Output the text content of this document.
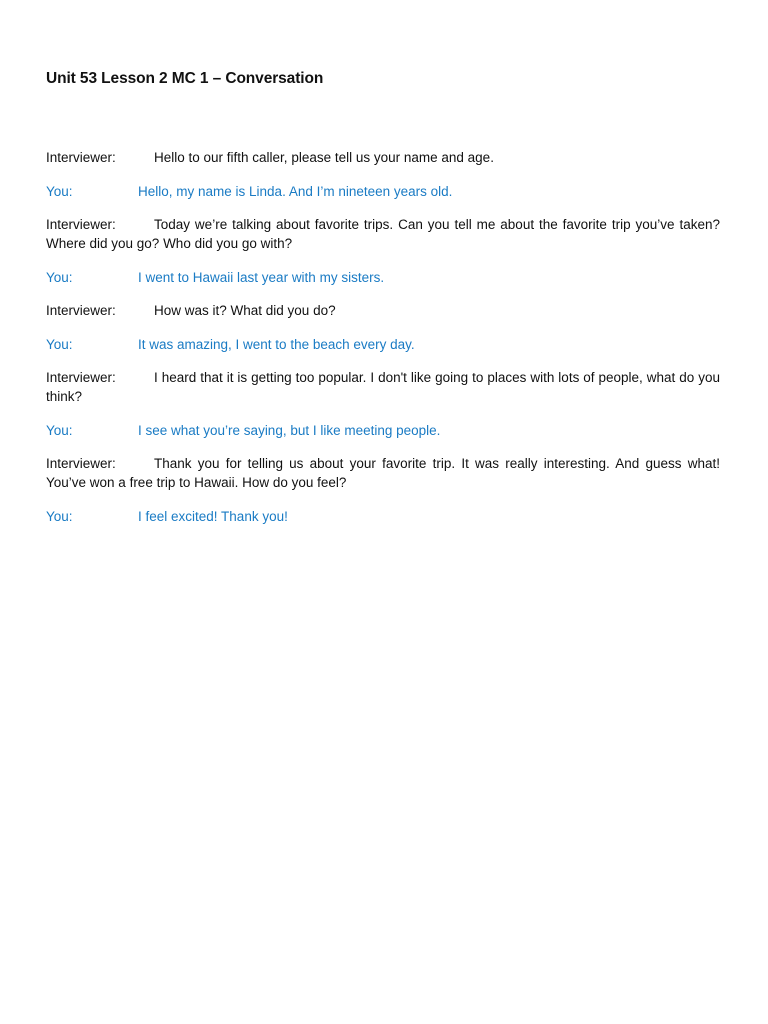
Unit 53 Lesson 2 MC 1 – Conversation

Interviewer:	Hello to our fifth caller, please tell us your name and age.

You:	Hello, my name is Linda. And I’m nineteen years old.

Interviewer:	Today we’re talking about favorite trips. Can you tell me about the favorite trip you’ve taken? Where did you go? Who did you go with?

You:	I went to Hawaii last year with my sisters.

Interviewer:	How was it? What did you do?

You:	It was amazing, I went to the beach every day.

Interviewer:	I heard that it is getting too popular. I don't like going to places with lots of people, what do you think?

You:	I see what you’re saying, but I like meeting people.

Interviewer:	Thank you for telling us about your favorite trip. It was really interesting. And guess what! You’ve won a free trip to Hawaii. How do you feel?

You:	I feel excited! Thank you!
